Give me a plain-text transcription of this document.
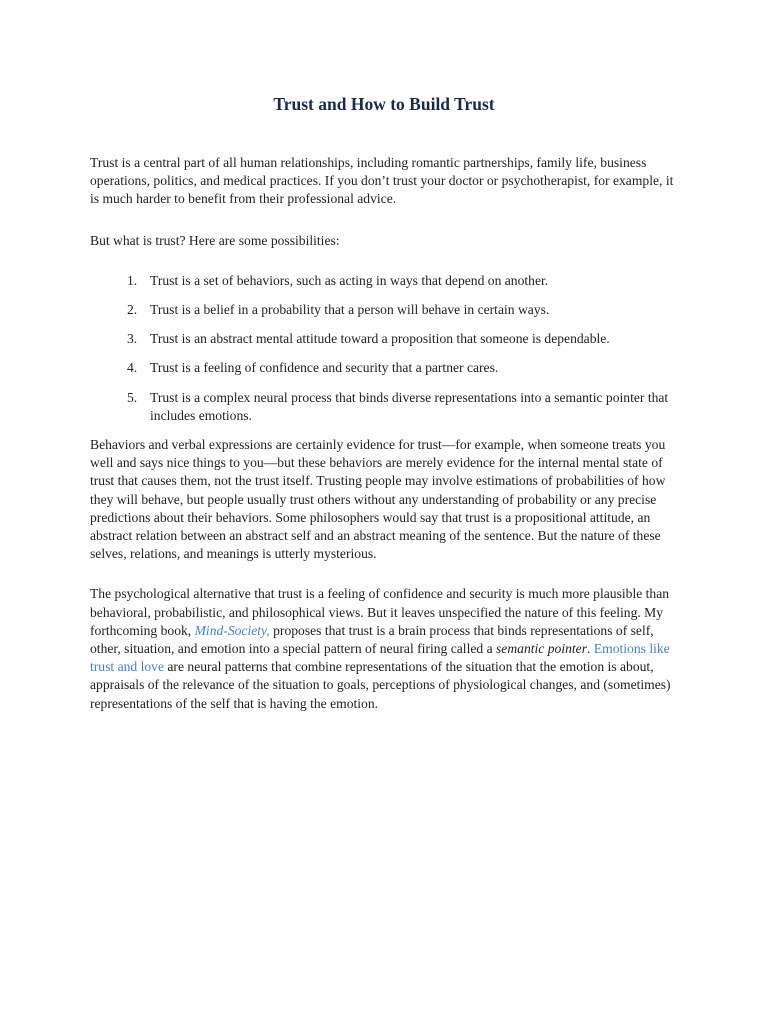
Trust and How to Build Trust

Trust is a central part of all human relationships, including romantic partnerships, family life, business operations, politics, and medical practices. If you don’t trust your doctor or psychotherapist, for example, it is much harder to benefit from their professional advice.

But what is trust? Here are some possibilities:

1. Trust is a set of behaviors, such as acting in ways that depend on another.
2. Trust is a belief in a probability that a person will behave in certain ways.
3. Trust is an abstract mental attitude toward a proposition that someone is dependable.
4. Trust is a feeling of confidence and security that a partner cares.
5. Trust is a complex neural process that binds diverse representations into a semantic pointer that includes emotions.

Behaviors and verbal expressions are certainly evidence for trust—for example, when someone treats you well and says nice things to you—but these behaviors are merely evidence for the internal mental state of trust that causes them, not the trust itself. Trusting people may involve estimations of probabilities of how they will behave, but people usually trust others without any understanding of probability or any precise predictions about their behaviors. Some philosophers would say that trust is a propositional attitude, an abstract relation between an abstract self and an abstract meaning of the sentence. But the nature of these selves, relations, and meanings is utterly mysterious.

The psychological alternative that trust is a feeling of confidence and security is much more plausible than behavioral, probabilistic, and philosophical views. But it leaves unspecified the nature of this feeling. My forthcoming book, Mind-Society, proposes that trust is a brain process that binds representations of self, other, situation, and emotion into a special pattern of neural firing called a semantic pointer. Emotions like trust and love are neural patterns that combine representations of the situation that the emotion is about, appraisals of the relevance of the situation to goals, perceptions of physiological changes, and (sometimes) representations of the self that is having the emotion.
